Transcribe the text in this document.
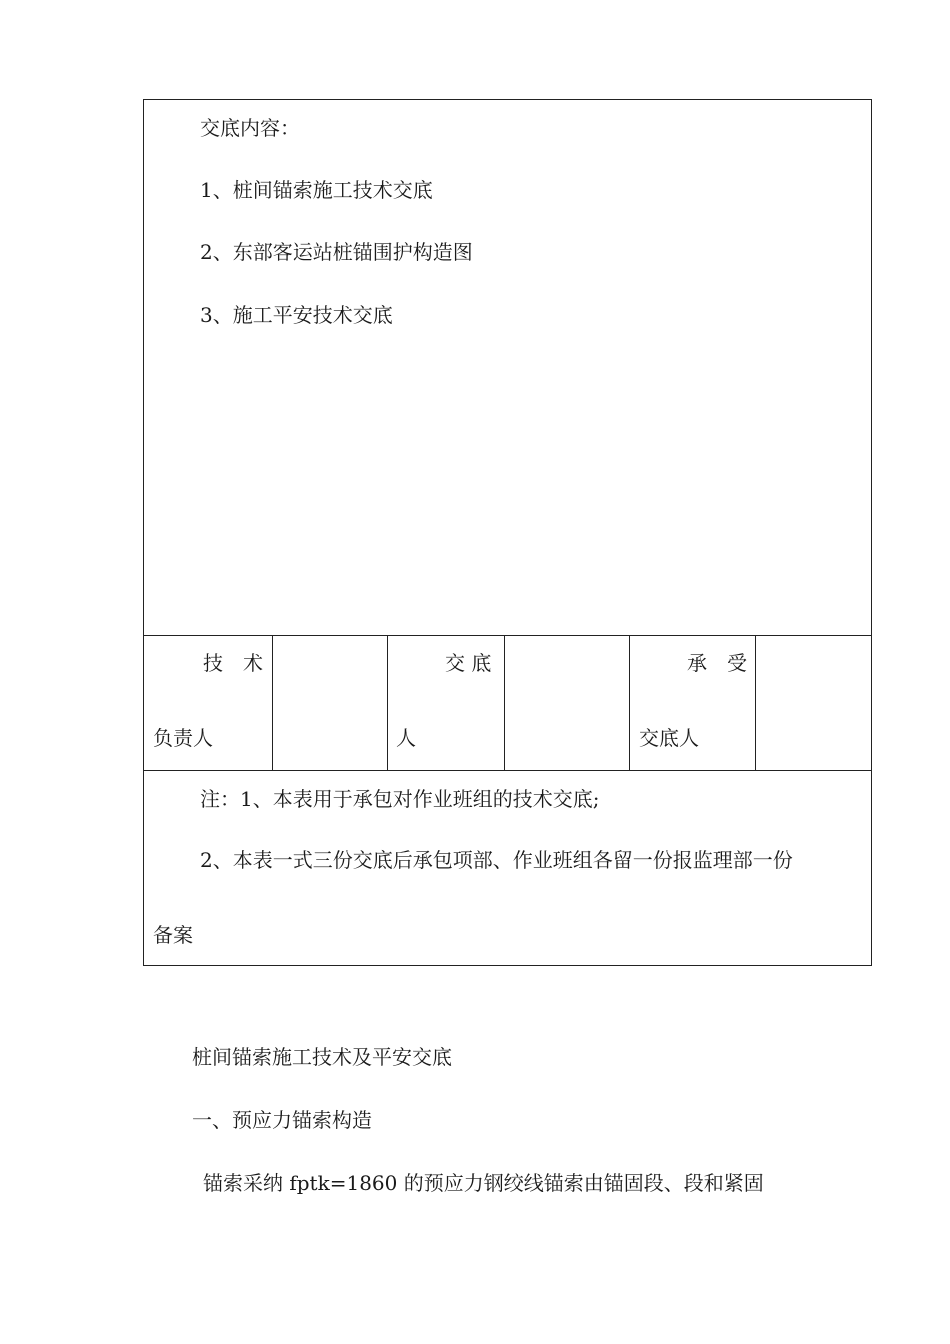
交底内容：
1、桩间锚索施工技术交底
2、东部客运站桩锚围护构造图
3、施工平安技术交底
技　术
负责人
交 底
人
承　受
交底人
注：1、本表用于承包对作业班组的技术交底;
2、本表一式三份交底后承包项部、作业班组各留一份报监理部一份
备案
桩间锚索施工技术及平安交底
一、预应力锚索构造
锚索采纳 fptk=1860 的预应力钢绞线锚索由锚固段、段和紧固
